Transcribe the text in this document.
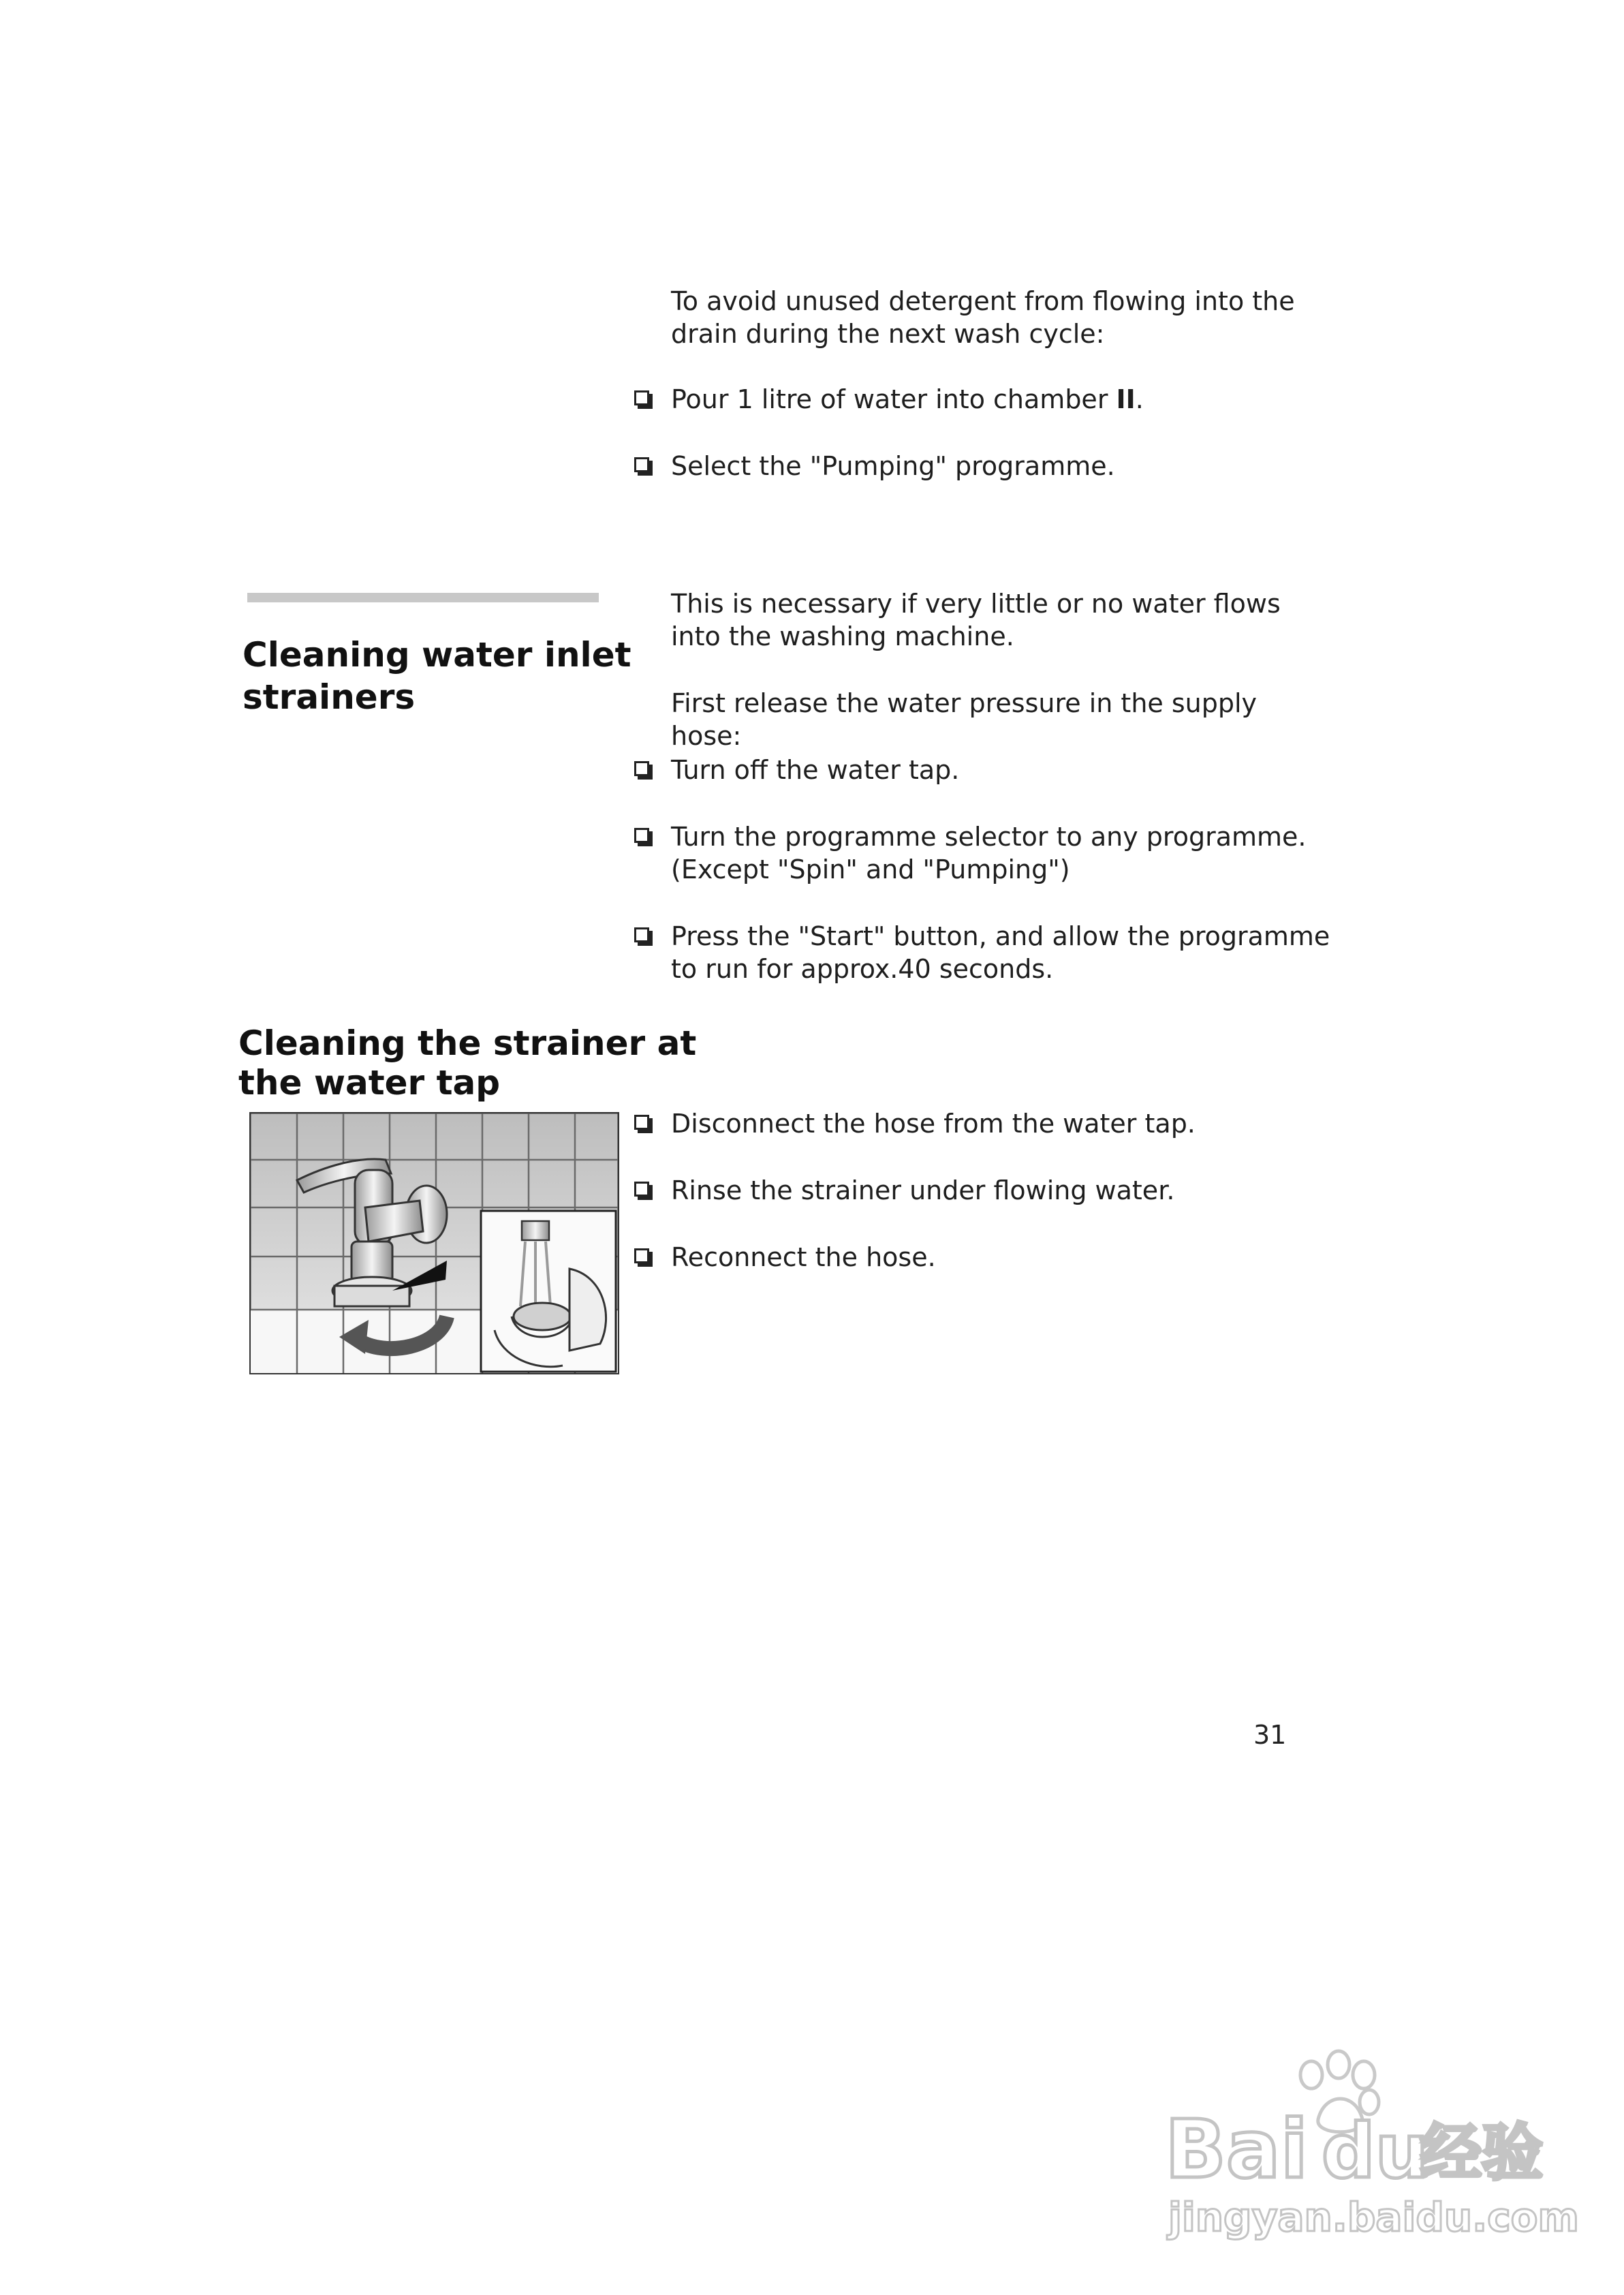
To avoid unused detergent from flowing into the
drain during the next wash cycle:
Pour 1 litre of water into chamber II.
Select the "Pumping" programme.
Cleaning water inlet
strainers
This is necessary if very little or no water flows
into the washing machine.
First release the water pressure in the supply
hose:
Turn off the water tap.
Turn the programme selector to any programme.
(Except "Spin" and "Pumping")
Press the "Start" button, and allow the programme
to run for approx.40 seconds.
Cleaning the strainer at
the water tap
Disconnect the hose from the water tap.
Rinse the strainer under flowing water.
Reconnect the hose.
31
Bai du
经验
jingyan.baidu.com
